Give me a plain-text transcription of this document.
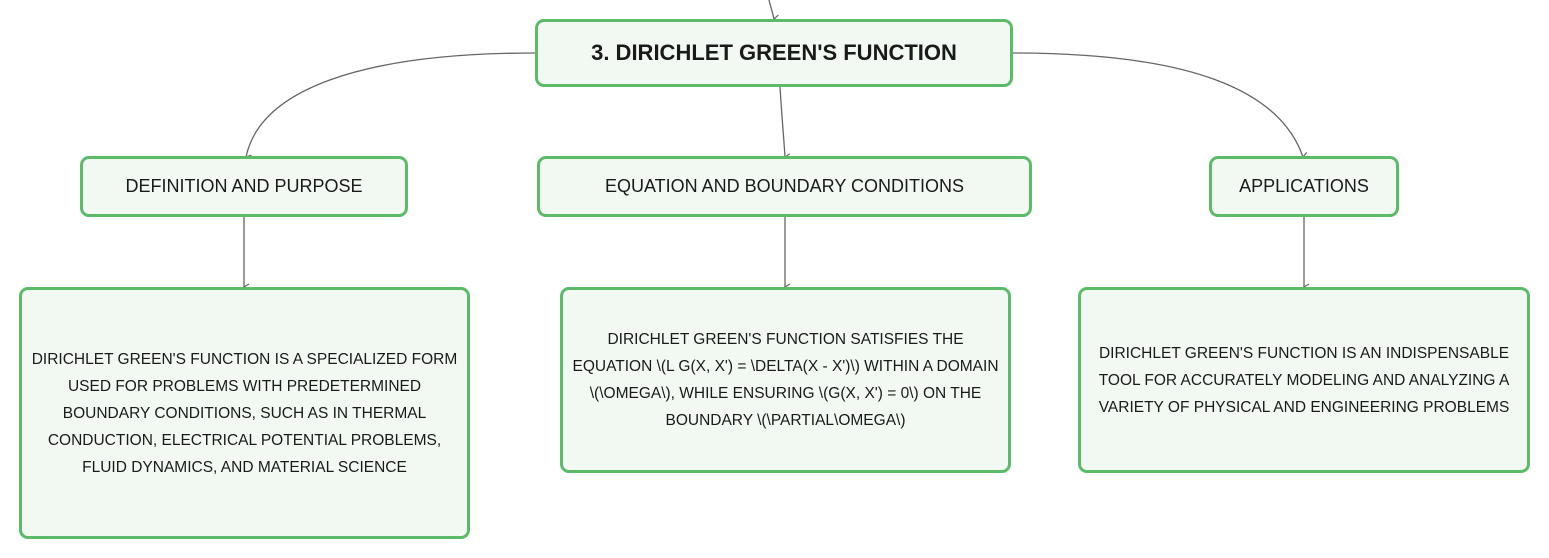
3. DIRICHLET GREEN'S FUNCTION
DEFINITION AND PURPOSE	EQUATION AND BOUNDARY CONDITIONS	APPLICATIONS
DIRICHLET GREEN'S FUNCTION IS A SPECIALIZED FORM USED FOR PROBLEMS WITH PREDETERMINED BOUNDARY CONDITIONS, SUCH AS IN THERMAL CONDUCTION, ELECTRICAL POTENTIAL PROBLEMS, FLUID DYNAMICS, AND MATERIAL SCIENCE
DIRICHLET GREEN'S FUNCTION SATISFIES THE EQUATION \(L G(X, X') = \DELTA(X - X')\) WITHIN A DOMAIN \(\OMEGA\), WHILE ENSURING \(G(X, X') = 0\) ON THE BOUNDARY \(\PARTIAL\OMEGA\)
DIRICHLET GREEN'S FUNCTION IS AN INDISPENSABLE TOOL FOR ACCURATELY MODELING AND ANALYZING A VARIETY OF PHYSICAL AND ENGINEERING PROBLEMS
